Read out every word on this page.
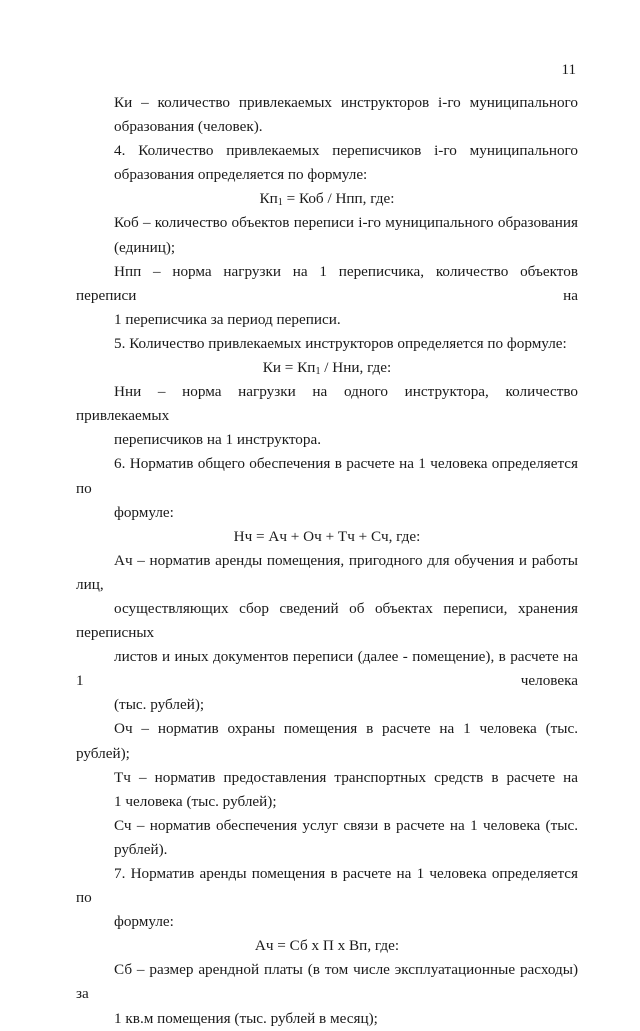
11

Ки – количество привлекаемых инструкторов i-го муниципального
образования (человек).

4. Количество привлекаемых переписчиков i-го муниципального
образования определяется по формуле:

$Кп_1$ = Коб / Нпп, где:

Коб – количество объектов переписи i-го муниципального образования
(единиц);

Нпп – норма нагрузки на 1 переписчика, количество объектов переписи на
1 переписчика за период переписи.

5. Количество привлекаемых инструкторов определяется по формуле:

Ки = $Кп_1$ / Нни, где:

Нни – норма нагрузки на одного инструктора, количество привлекаемых
переписчиков на 1 инструктора.

6. Норматив общего обеспечения в расчете на 1 человека определяется по
формуле:

Нч = Ач + Оч + Тч + Сч, где:

Ач – норматив аренды помещения, пригодного для обучения и работы лиц,
осуществляющих сбор сведений об объектах переписи, хранения переписных
листов и иных документов переписи (далее - помещение), в расчете на 1 человека
(тыс. рублей);

Оч – норматив охраны помещения в расчете на 1 человека (тыс. рублей);

Тч – норматив предоставления транспортных средств в расчете на
1 человека (тыс. рублей);

Сч – норматив обеспечения услуг связи в расчете на 1 человека (тыс.
рублей).

7. Норматив аренды помещения в расчете на 1 человека определяется по
формуле:

Ач = Сб х П х Вп, где:

Сб – размер арендной платы (в том числе эксплуатационные расходы) за
1 кв.м помещения (тыс. рублей в месяц);
